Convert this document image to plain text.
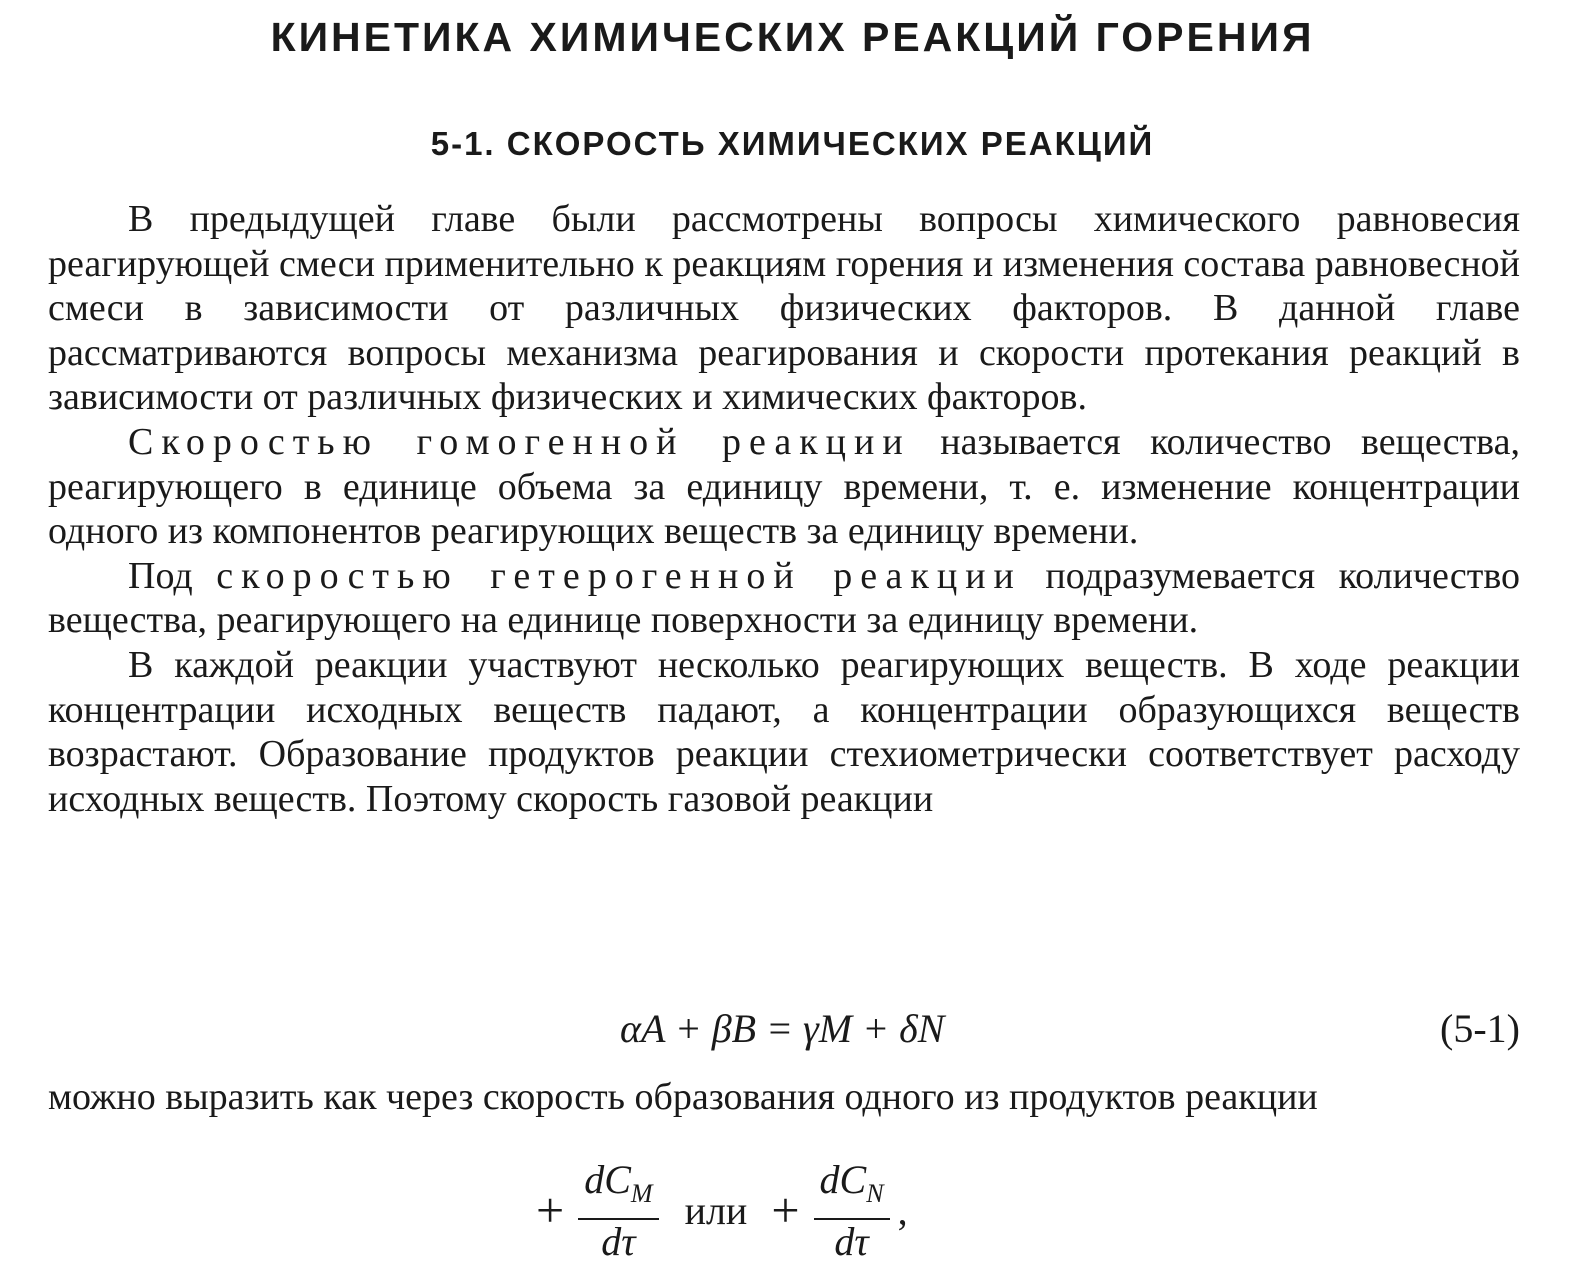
КИНЕТИКА ХИМИЧЕСКИХ РЕАКЦИЙ ГОРЕНИЯ
5-1. СКОРОСТЬ ХИМИЧЕСКИХ РЕАКЦИЙ

В предыдущей главе были рассмотрены вопросы химического равновесия реагирующей смеси применительно к реакциям горения и изменения состава равновесной смеси в зависимости от различных физических факторов. В данной главе рассматриваются вопросы механизма реагирования и скорости протекания реакций в зависимости от различных физических и химических факторов.

Скоростью гомогенной реакции называется количество вещества, реагирующего в единице объема за единицу времени, т. е. изменение концентрации одного из компонентов реагирующих веществ за единицу времени.

Под скоростью гетерогенной реакции подразумевается количество вещества, реагирующего на единице поверхности за единицу времени.

В каждой реакции участвуют несколько реагирующих веществ. В ходе реакции концентрации исходных веществ падают, а концентрации образующихся веществ возрастают. Образование продуктов реакции стехиометрически соответствует расходу исходных веществ. Поэтому скорость газовой реакции

αA + βB = γM + δN	(5-1)

можно выразить как через скорость образования одного из продуктов реакции

+ $\frac{dC_M}{d\tau}$ или + $\frac{dC_N}{d\tau}$ ,
